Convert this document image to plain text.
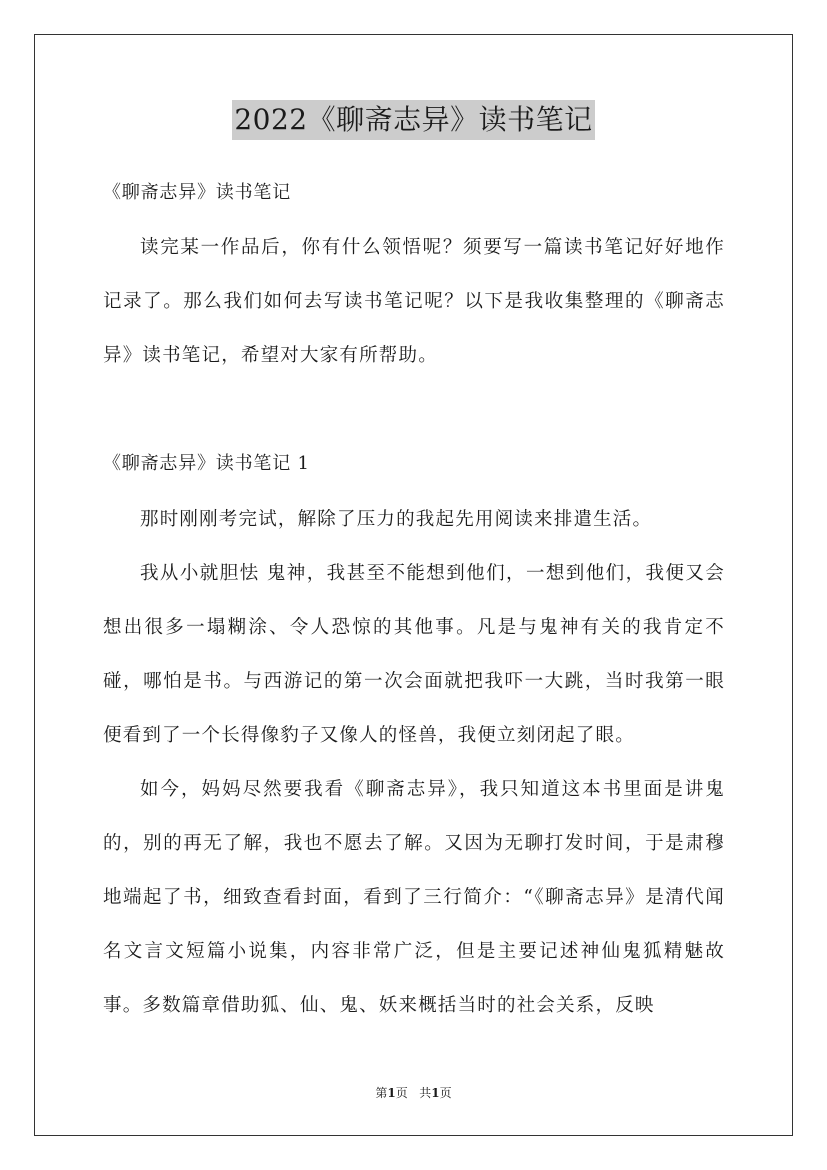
2022《聊斋志异》读书笔记
《聊斋志异》读书笔记

读完某一作品后，你有什么领悟呢？须要写一篇读书笔记好好地作记录了。那么我们如何去写读书笔记呢？以下是我收集整理的《聊斋志异》读书笔记，希望对大家有所帮助。

《聊斋志异》读书笔记 1

那时刚刚考完试，解除了压力的我起先用阅读来排遣生活。

我从小就胆怯 鬼神，我甚至不能想到他们，一想到他们，我便又会想出很多一塌糊涂、令人恐惊的其他事。凡是与鬼神有关的我肯定不碰，哪怕是书。与西游记的第一次会面就把我吓一大跳，当时我第一眼便看到了一个长得像豹子又像人的怪兽，我便立刻闭起了眼。

如今，妈妈尽然要我看《聊斋志异》，我只知道这本书里面是讲鬼的，别的再无了解，我也不愿去了解。又因为无聊打发时间，于是肃穆地端起了书，细致查看封面，看到了三行简介：“《聊斋志异》是清代闻名文言文短篇小说集，内容非常广泛，但是主要记述神仙鬼狐精魅故事。多数篇章借助狐、仙、鬼、妖来概括当时的社会关系，反映

第1页 共1页
